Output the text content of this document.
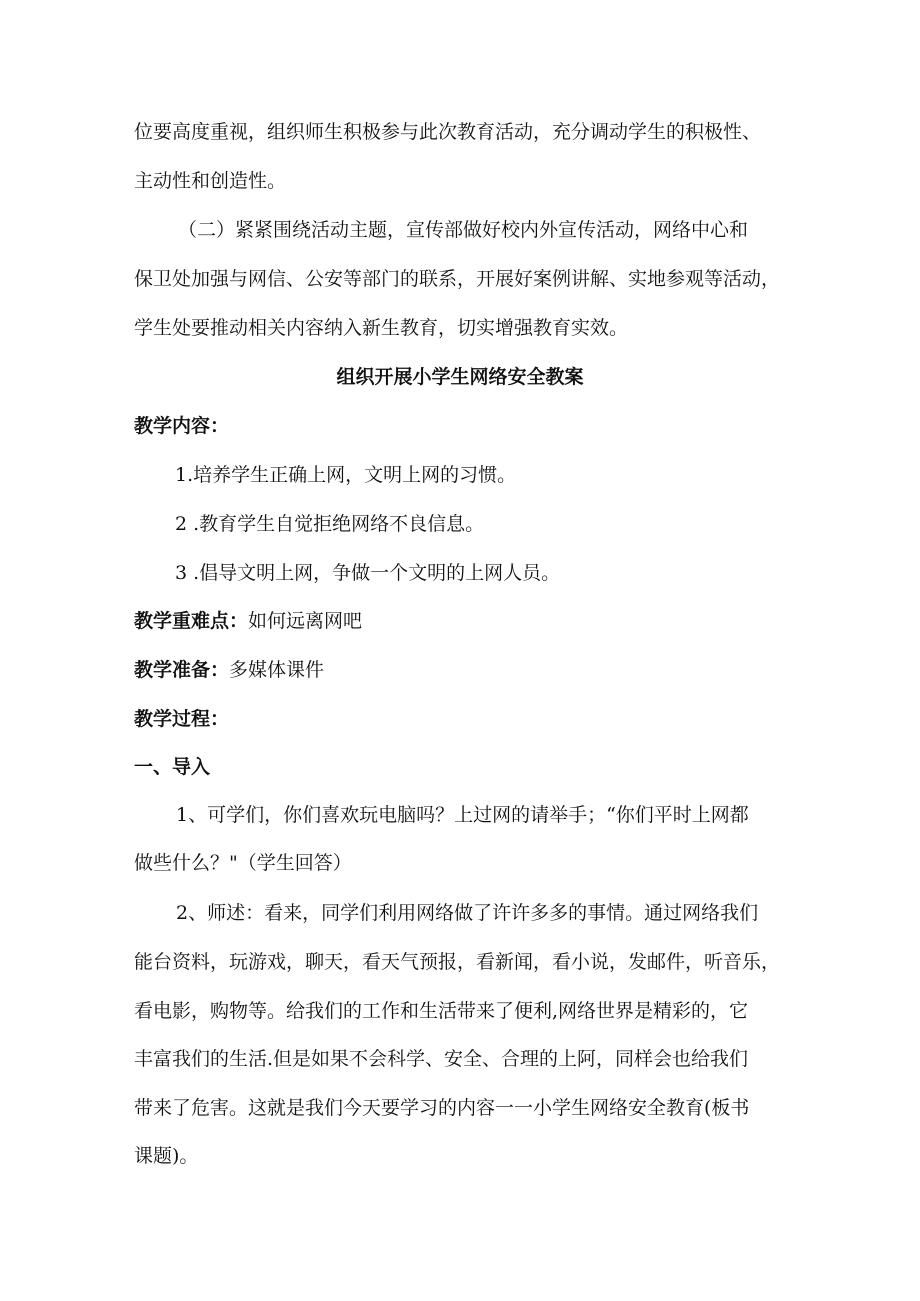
位要高度重视，组织师生积极参与此次教育活动，充分调动学生的积极性、
主动性和创造性。
（二）紧紧围绕活动主题，宣传部做好校内外宣传活动，网络中心和
保卫处加强与网信、公安等部门的联系，开展好案例讲解、实地参观等活动，
学生处要推动相关内容纳入新生教育，切实增强教育实效。
组织开展小学生网络安全教案
教学内容：
1.培养学生正确上网，文明上网的习惯。
2 .教育学生自觉拒绝网络不良信息。
3 .倡导文明上网，争做一个文明的上网人员。
教学重难点：如何远离网吧
教学准备：多媒体课件
教学过程：
一、导入
1、可学们，你们喜欢玩电脑吗？上过网的请举手；“你们平时上网都
做些什么？"（学生回答）
2、师述：看来，同学们利用网络做了许许多多的事情。通过网络我们
能台资料，玩游戏，聊天，看天气预报，看新闻，看小说，发邮件，听音乐，
看电影，购物等。给我们的工作和生活带来了便利,网络世界是精彩的，它
丰富我们的生活.但是如果不会科学、安全、合理的上阿，同样会也给我们
带来了危害。这就是我们今天要学习的内容一一小学生网络安全教育(板书
课题)。
